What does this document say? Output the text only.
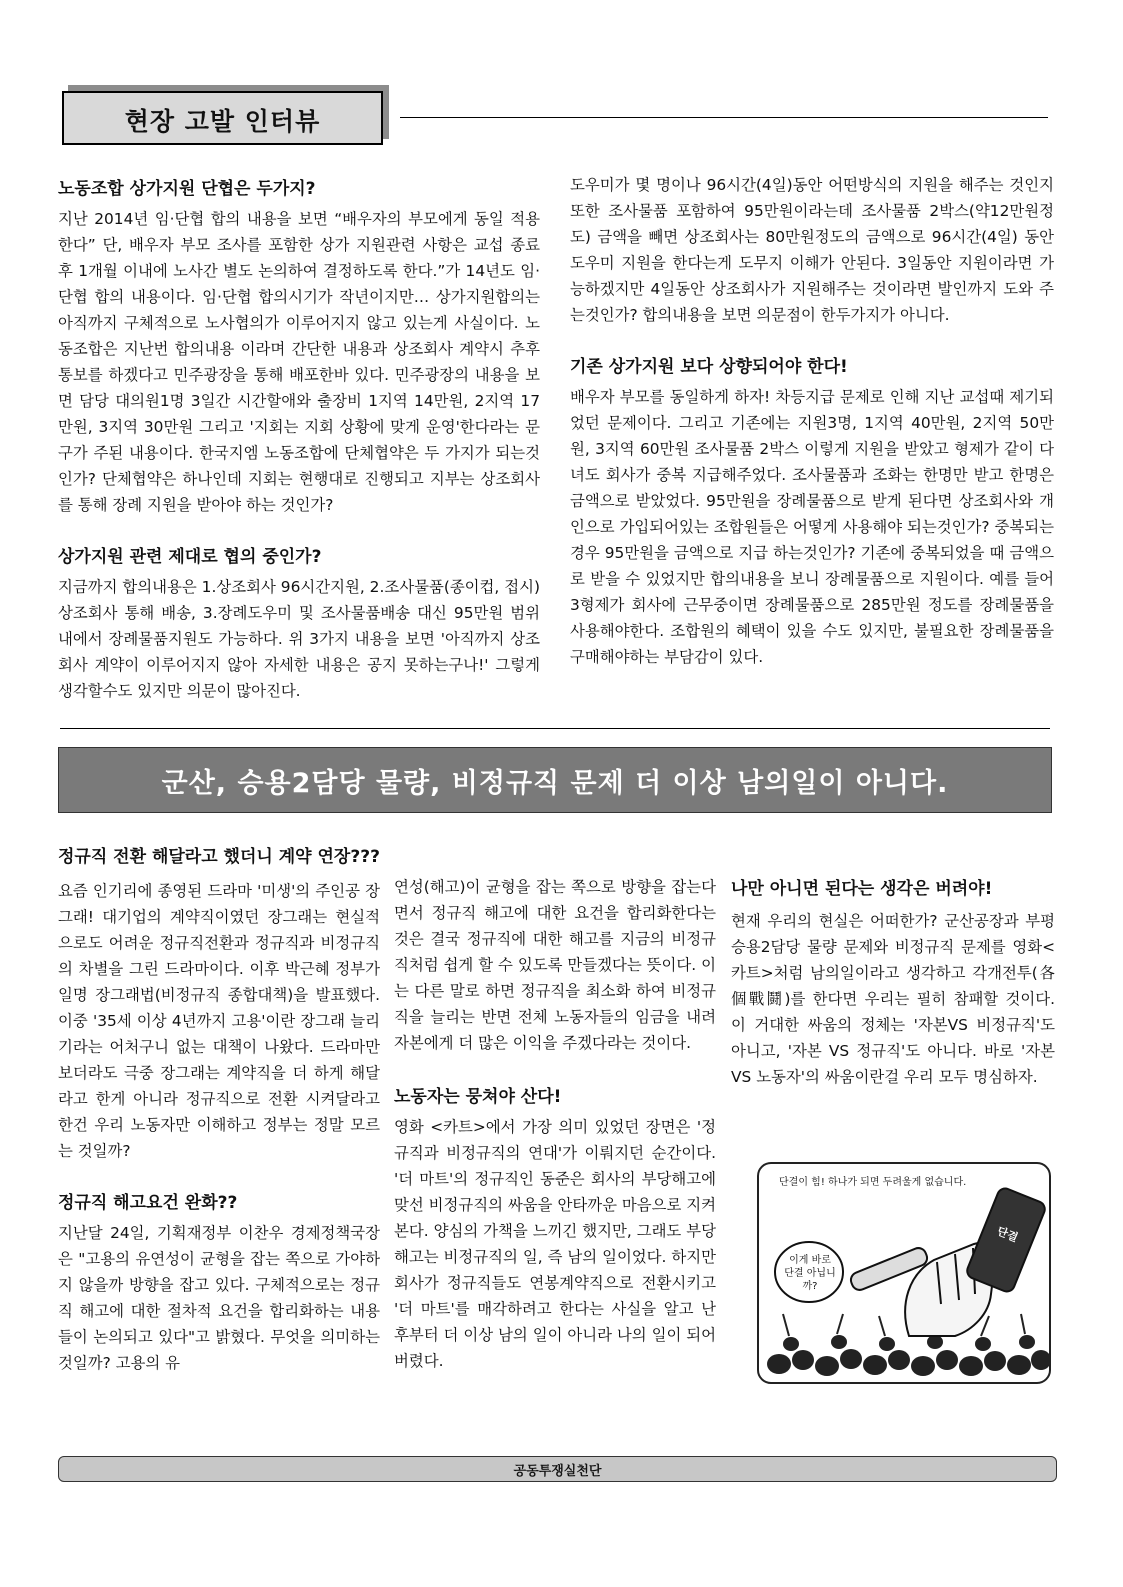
현장 고발 인터뷰

노동조합 상가지원 단협은 두가지?

지난 2014년 임·단협 합의 내용을 보면 “배우자의 부모에게 동일 적용한다” 단, 배우자 부모 조사를 포함한 상가 지원관련 사항은 교섭 종료 후 1개월 이내에 노사간 별도 논의하여 결정하도록 한다.”가 14년도 임·단협 합의 내용이다. 임·단협 합의시기가 작년이지만… 상가지원합의는 아직까지 구체적으로 노사협의가 이루어지지 않고 있는게 사실이다. 노동조합은 지난번 합의내용 이라며 간단한 내용과 상조회사 계약시 추후통보를 하겠다고 민주광장을 통해 배포한바 있다. 민주광장의 내용을 보면 담당 대의원1명 3일간 시간할애와 출장비 1지역 14만원, 2지역 17만원, 3지역 30만원 그리고 '지회는 지회 상황에 맞게 운영'한다라는 문구가 주된 내용이다. 한국지엠 노동조합에 단체협약은 두 가지가 되는것인가? 단체협약은 하나인데 지회는 현행대로 진행되고 지부는 상조회사를 통해 장례 지원을 받아야 하는 것인가?

상가지원 관련 제대로 협의 중인가?

지금까지 합의내용은 1.상조회사 96시간지원, 2.조사물품(종이컵, 접시) 상조회사 통해 배송, 3.장례도우미 및 조사물품배송 대신 95만원 범위 내에서 장례물품지원도 가능하다. 위 3가지 내용을 보면 '아직까지 상조회사 계약이 이루어지지 않아 자세한 내용은 공지 못하는구나!' 그렇게 생각할수도 있지만 의문이 많아진다.

도우미가 몇 명이나 96시간(4일)동안 어떤방식의 지원을 해주는 것인지 또한 조사물품 포함하여 95만원이라는데 조사물품 2박스(약12만원정도) 금액을 빼면 상조회사는 80만원정도의 금액으로 96시간(4일) 동안 도우미 지원을 한다는게 도무지 이해가 안된다. 3일동안 지원이라면 가능하겠지만 4일동안 상조회사가 지원해주는 것이라면 발인까지 도와 주는것인가? 합의내용을 보면 의문점이 한두가지가 아니다.

기존 상가지원 보다 상향되어야 한다!

배우자 부모를 동일하게 하자! 차등지급 문제로 인해 지난 교섭때 제기되었던 문제이다. 그리고 기존에는 지원3명, 1지역 40만원, 2지역 50만원, 3지역 60만원 조사물품 2박스 이렇게 지원을 받았고 형제가 같이 다녀도 회사가 중복 지급해주었다. 조사물품과 조화는 한명만 받고 한명은 금액으로 받았었다. 95만원을 장례물품으로 받게 된다면 상조회사와 개인으로 가입되어있는 조합원들은 어떻게 사용해야 되는것인가? 중복되는 경우 95만원을 금액으로 지급 하는것인가? 기존에 중복되었을 때 금액으로 받을 수 있었지만 합의내용을 보니 장례물품으로 지원이다. 예를 들어 3형제가 회사에 근무중이면 장례물품으로 285만원 정도를 장례물품을 사용해야한다. 조합원의 혜택이 있을 수도 있지만, 불필요한 장례물품을 구매해야하는 부담감이 있다.

군산, 승용2담당 물량, 비정규직 문제 더 이상 남의일이 아니다.

정규직 전환 해달라고 했더니 계약 연장???

요즘 인기리에 종영된 드라마 '미생'의 주인공 장그래! 대기업의 계약직이였던 장그래는 현실적으로도 어려운 정규직전환과 정규직과 비정규직의 차별을 그린 드라마이다. 이후 박근혜 정부가 일명 장그래법(비정규직 종합대책)을 발표했다. 이중 '35세 이상 4년까지 고용'이란 장그래 늘리기라는 어처구니 없는 대책이 나왔다. 드라마만 보더라도 극중 장그래는 계약직을 더 하게 해달라고 한게 아니라 정규직으로 전환 시켜달라고 한건 우리 노동자만 이해하고 정부는 정말 모르는 것일까?

정규직 해고요건 완화??

지난달 24일, 기획재정부 이찬우 경제정책국장은 "고용의 유연성이 균형을 잡는 쪽으로 가야하지 않을까 방향을 잡고 있다. 구체적으로는 정규직 해고에 대한 절차적 요건을 합리화하는 내용들이 논의되고 있다"고 밝혔다. 무엇을 의미하는 것일까? 고용의 유

연성(해고)이 균형을 잡는 쪽으로 방향을 잡는다면서 정규직 해고에 대한 요건을 합리화한다는 것은 결국 정규직에 대한 해고를 지금의 비정규직처럼 쉽게 할 수 있도록 만들겠다는 뜻이다. 이는 다른 말로 하면 정규직을 최소화 하여 비정규직을 늘리는 반면 전체 노동자들의 임금을 내려 자본에게 더 많은 이익을 주겠다라는 것이다.

노동자는 뭉쳐야 산다!

영화 <카트>에서 가장 의미 있었던 장면은 '정규직과 비정규직의 연대'가 이뤄지던 순간이다. '더 마트'의 정규직인 동준은 회사의 부당해고에 맞선 비정규직의 싸움을 안타까운 마음으로 지켜본다. 양심의 가책을 느끼긴 했지만, 그래도 부당해고는 비정규직의 일, 즉 남의 일이었다. 하지만 회사가 정규직들도 연봉계약직으로 전환시키고 '더 마트'를 매각하려고 한다는 사실을 알고 난 후부터 더 이상 남의 일이 아니라 나의 일이 되어 버렸다.

나만 아니면 된다는 생각은 버려야!

현재 우리의 현실은 어떠한가? 군산공장과 부평승용2담당 물량 문제와 비정규직 문제를 영화<카트>처럼 남의일이라고 생각하고 각개전투(各個戰鬪)를 한다면 우리는 필히 참패할 것이다. 이 거대한 싸움의 정체는 '자본VS 비정규직'도 아니고, '자본 VS 정규직'도 아니다. 바로 '자본 VS 노동자'의 싸움이란걸 우리 모두 명심하자.

단결이 힘! 하나가 되면 두려울게 없습니다.
이게 바로 단결 아닙니까?
단결
공동투쟁실천단
